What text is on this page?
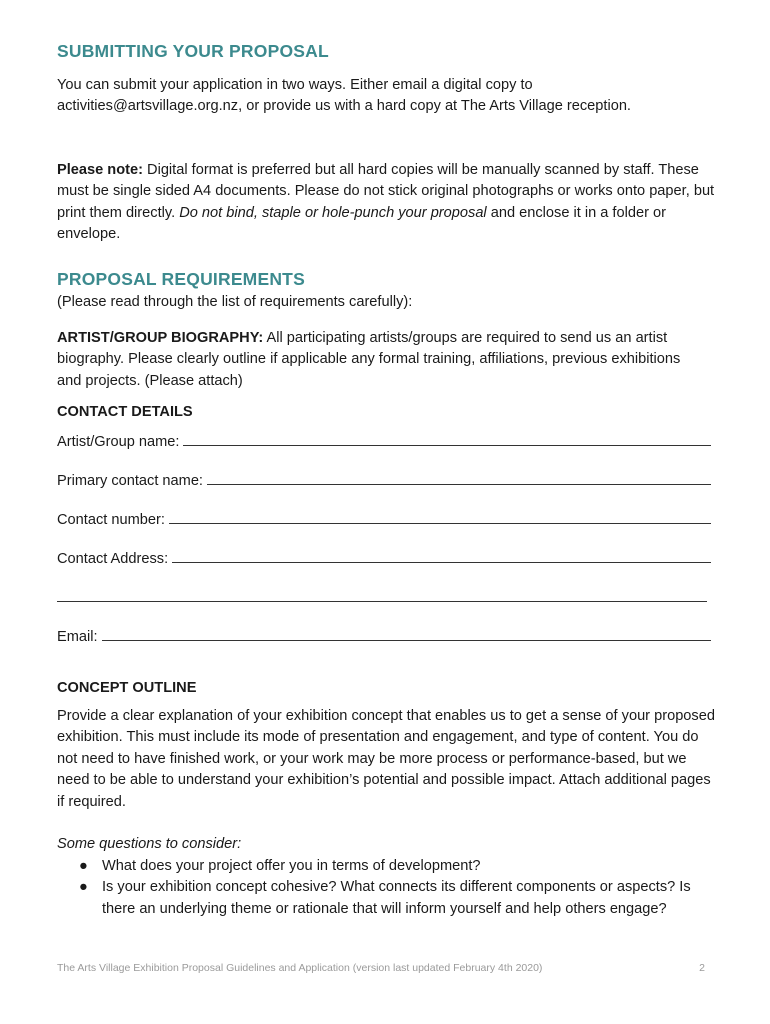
SUBMITTING YOUR PROPOSAL

You can submit your application in two ways. Either email a digital copy to activities@artsvillage.org.nz, or provide us with a hard copy at The Arts Village reception.

Please note: Digital format is preferred but all hard copies will be manually scanned by staff. These must be single sided A4 documents. Please do not stick original photographs or works onto paper, but print them directly. Do not bind, staple or hole-punch your proposal and enclose it in a folder or envelope.

PROPOSAL REQUIREMENTS

(Please read through the list of requirements carefully):

ARTIST/GROUP BIOGRAPHY: All participating artists/groups are required to send us an artist biography. Please clearly outline if applicable any formal training, affiliations, previous exhibitions and projects. (Please attach)

CONTACT DETAILS

Artist/Group name:
Primary contact name:
Contact number:
Contact Address:
Email:

CONCEPT OUTLINE

Provide a clear explanation of your exhibition concept that enables us to get a sense of your proposed exhibition. This must include its mode of presentation and engagement, and type of content. You do not need to have finished work, or your work may be more process or performance-based, but we need to be able to understand your exhibition’s potential and possible impact. Attach additional pages if required.

Some questions to consider:

● What does your project offer you in terms of development?
● Is your exhibition concept cohesive? What connects its different components or aspects? Is there an underlying theme or rationale that will inform yourself and help others engage?
The Arts Village Exhibition Proposal Guidelines and Application (version last updated February 4th 2020)	2
